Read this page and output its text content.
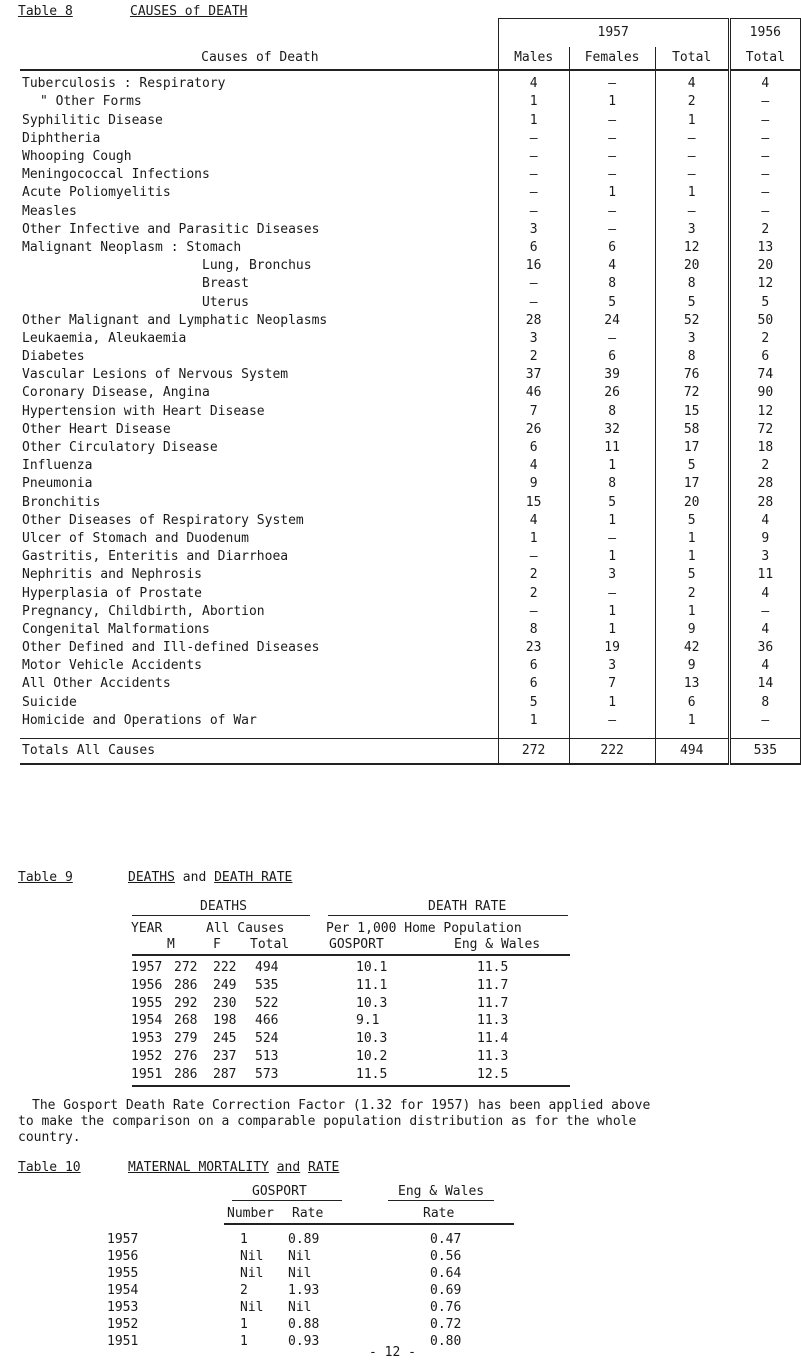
Table 8	CAUSES of DEATH
	1957			1956
Causes of Death	Males	Females	Total	Total
Tuberculosis : Respiratory	4	–	4	4
" Other Forms	1	1	2	–
Syphilitic Disease	1	–	1	–
Diphtheria	–	–	–	–
Whooping Cough	–	–	–	–
Meningococcal Infections	–	–	–	–
Acute Poliomyelitis	–	1	1	–
Measles	–	–	–	–
Other Infective and Parasitic Diseases	3	–	3	2
Malignant Neoplasm : Stomach	6	6	12	13
Lung, Bronchus	16	4	20	20
Breast	–	8	8	12
Uterus	–	5	5	5
Other Malignant and Lymphatic Neoplasms	28	24	52	50
Leukaemia, Aleukaemia	3	–	3	2
Diabetes	2	6	8	6
Vascular Lesions of Nervous System	37	39	76	74
Coronary Disease, Angina	46	26	72	90
Hypertension with Heart Disease	7	8	15	12
Other Heart Disease	26	32	58	72
Other Circulatory Disease	6	11	17	18
Influenza	4	1	5	2
Pneumonia	9	8	17	28
Bronchitis	15	5	20	28
Other Diseases of Respiratory System	4	1	5	4
Ulcer of Stomach and Duodenum	1	–	1	9
Gastritis, Enteritis and Diarrhoea	–	1	1	3
Nephritis and Nephrosis	2	3	5	11
Hyperplasia of Prostate	2	–	2	4
Pregnancy, Childbirth, Abortion	–	1	1	–
Congenital Malformations	8	1	9	4
Other Defined and Ill-defined Diseases	23	19	42	36
Motor Vehicle Accidents	6	3	9	4
All Other Accidents	6	7	13	14
Suicide	5	1	6	8
Homicide and Operations of War	1	–	1	–

Totals All Causes	272	222	494	535
Table 9	DEATHS and DEATH RATE
DEATHS	DEATH RATE
YEAR	All Causes	Per 1,000 Home Population
M	F Total	GOSPORT	Eng & Wales
1957 272 222 494	10.1	11.5
1956 286 249 535	11.1	11.7
1955 292 230 522	10.3	11.7
1954 268 198 466	9.1	11.3
1953 279 245 524	10.3	11.4
1952 276 237 513	10.2	11.3
1951 286 287 573	11.5	12.5
The Gosport Death Rate Correction Factor (1.32 for 1957) has been applied above
to make the comparison on a comparable population distribution as for the whole
country.
Table 10	MATERNAL MORTALITY and RATE
GOSPORT	Eng & Wales
Number Rate	Rate
1957	1	0.89	0.47
1956	Nil Nil	0.56
1955	Nil Nil	0.64
1954	2	1.93	0.69
1953	Nil Nil	0.76
1952	1	0.88	0.72
1951	1	0.93	0.80
- 12 -
